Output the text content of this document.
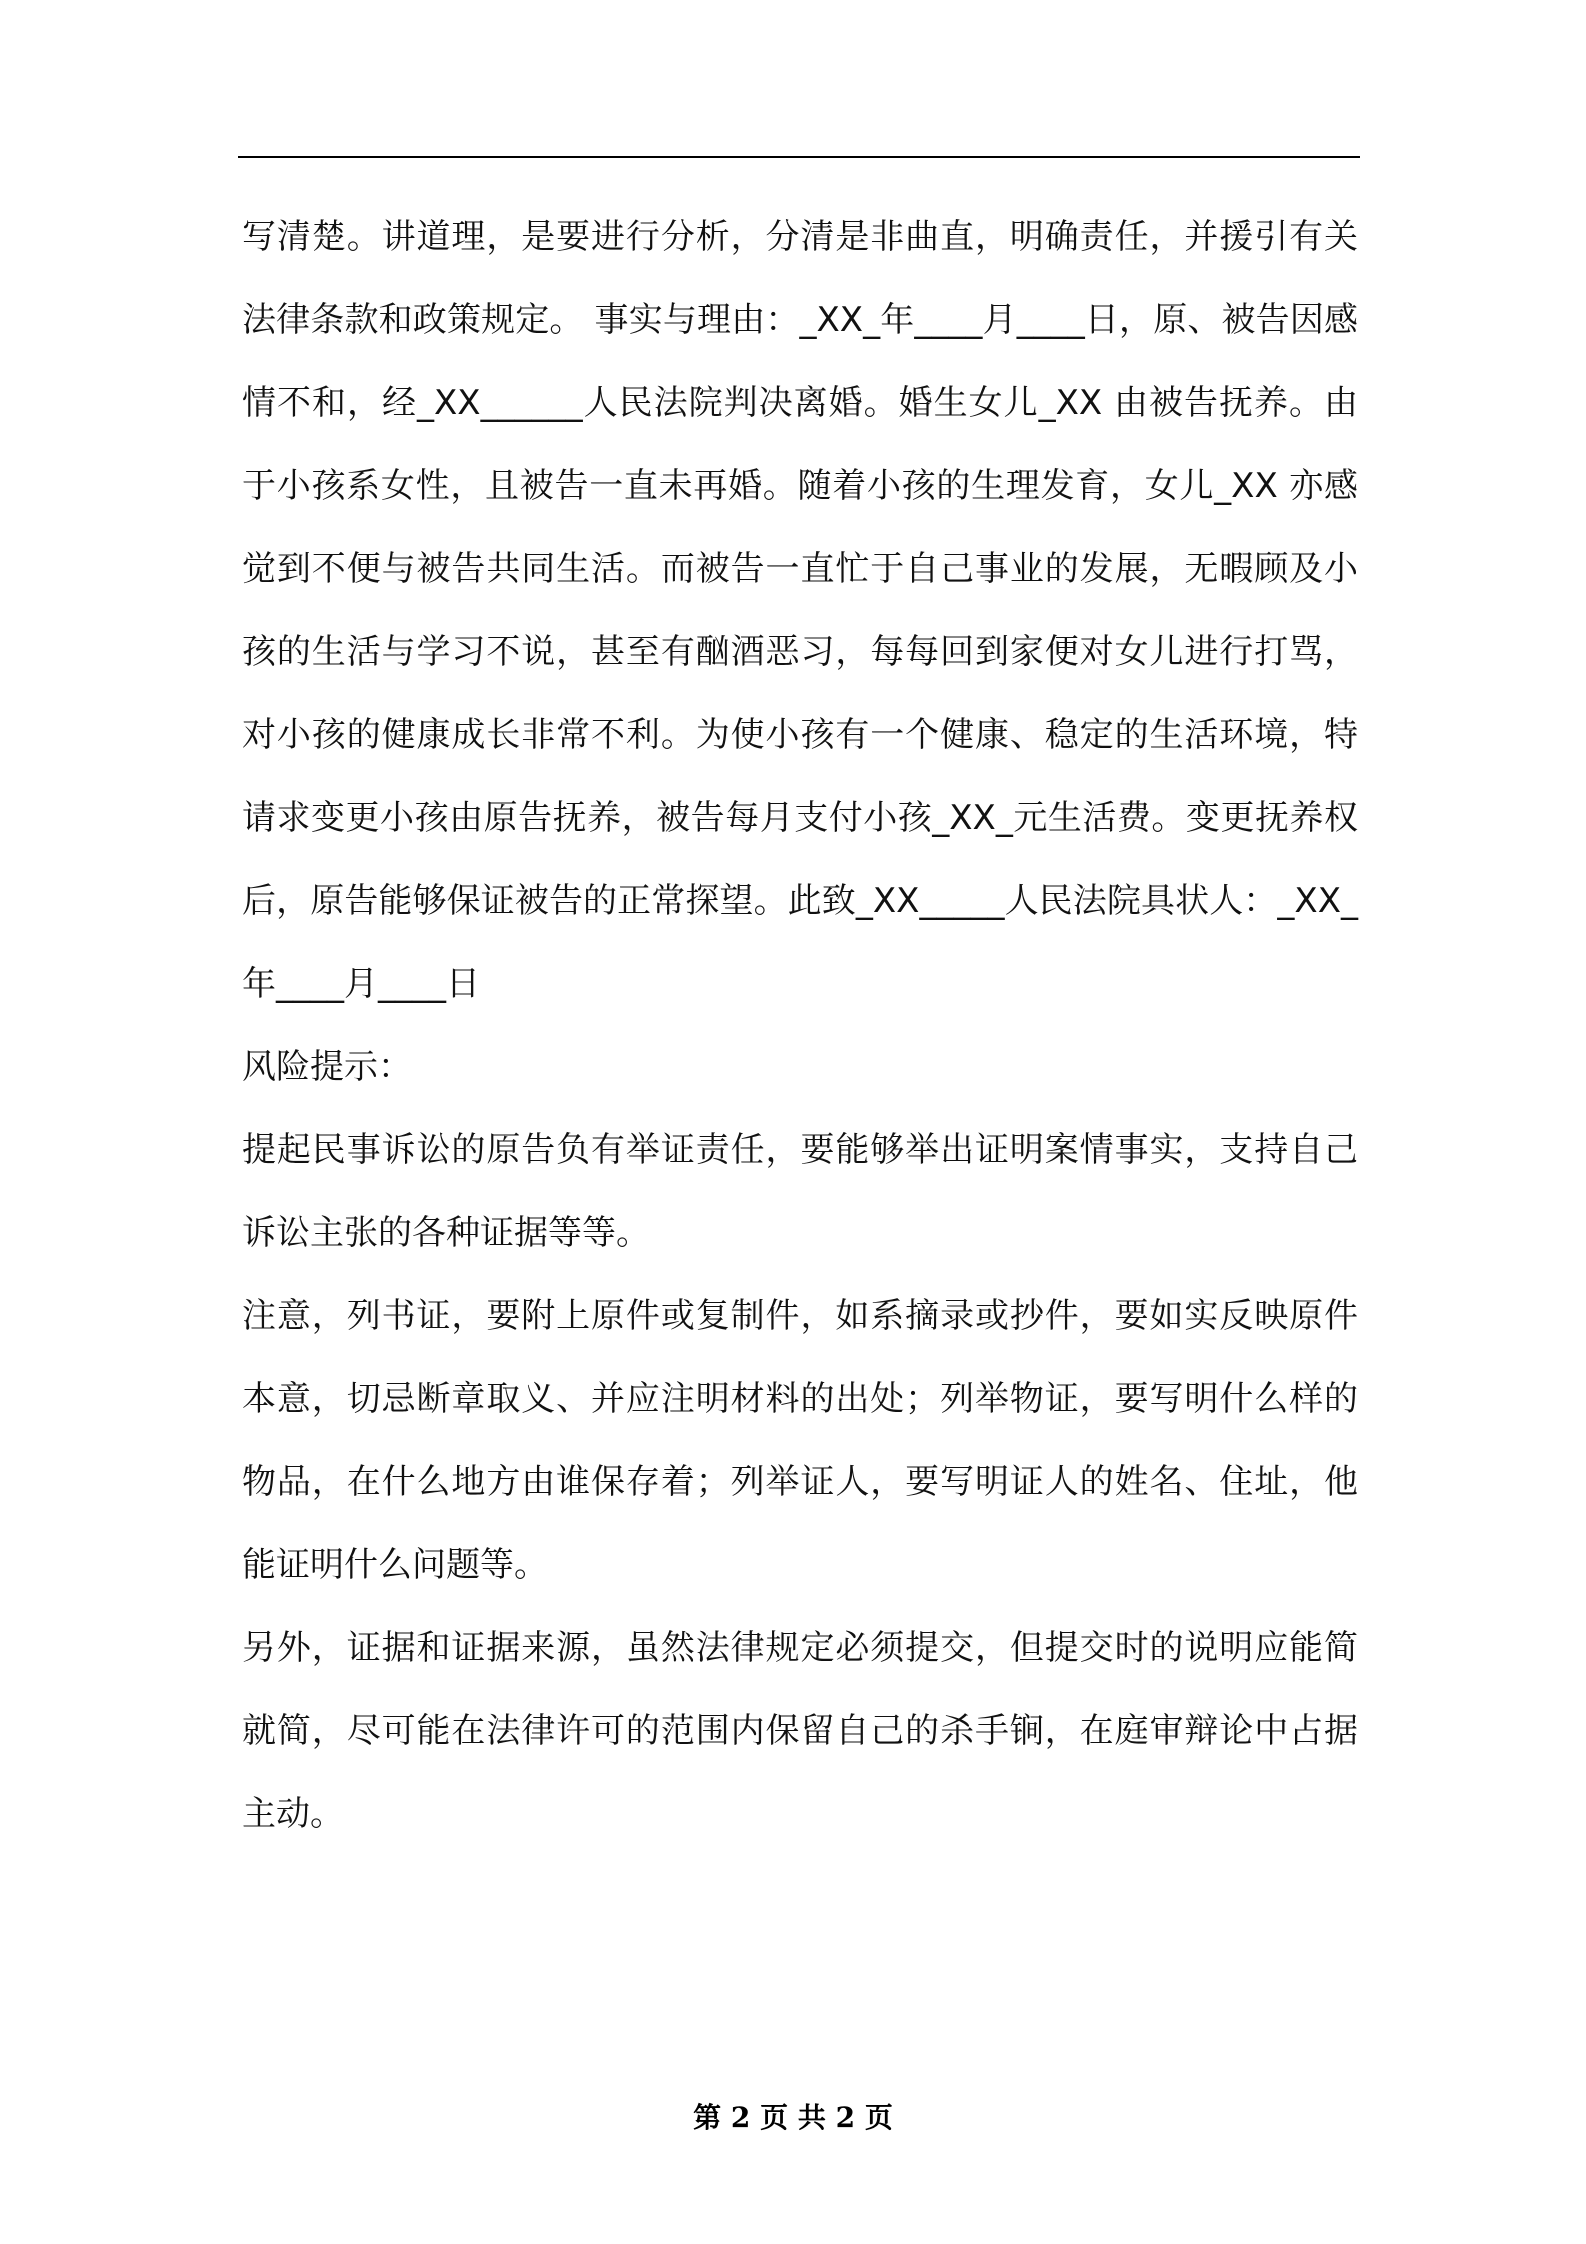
写清楚。讲道理，是要进行分析，分清是非曲直，明确责任，并援引有关法律条款和政策规定。 事实与理由：_XX_年____月____日，原、被告因感情不和，经_XX______人民法院判决离婚。婚生女儿_XX 由被告抚养。由于小孩系女性，且被告一直未再婚。随着小孩的生理发育，女儿_XX 亦感觉到不便与被告共同生活。而被告一直忙于自己事业的发展，无暇顾及小孩的生活与学习不说，甚至有酗酒恶习，每每回到家便对女儿进行打骂，对小孩的健康成长非常不利。为使小孩有一个健康、稳定的生活环境，特请求变更小孩由原告抚养，被告每月支付小孩_XX_元生活费。变更抚养权后，原告能够保证被告的正常探望。此致_XX_____人民法院具状人：_XX_年____月____日

风险提示：

提起民事诉讼的原告负有举证责任，要能够举出证明案情事实，支持自己诉讼主张的各种证据等等。

注意，列书证，要附上原件或复制件，如系摘录或抄件，要如实反映原件本意，切忌断章取义、并应注明材料的出处；列举物证，要写明什么样的物品，在什么地方由谁保存着；列举证人，要写明证人的姓名、住址，他能证明什么问题等。

另外，证据和证据来源，虽然法律规定必须提交，但提交时的说明应能简就简，尽可能在法律许可的范围内保留自己的杀手锏，在庭审辩论中占据主动。

第 2 页 共 2 页
